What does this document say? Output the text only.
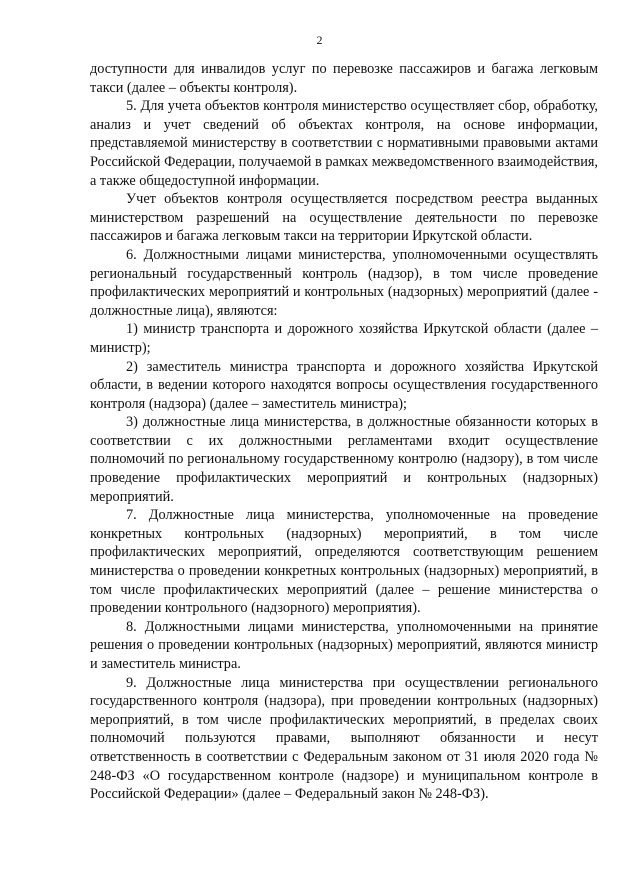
2

доступности для инвалидов услуг по перевозке пассажиров и багажа легковым такси (далее – объекты контроля).

5. Для учета объектов контроля министерство осуществляет сбор, обработку, анализ и учет сведений об объектах контроля, на основе информации, представляемой министерству в соответствии с нормативными правовыми актами Российской Федерации, получаемой в рамках межведомственного взаимодействия, а также общедоступной информации.

Учет объектов контроля осуществляется посредством реестра выданных министерством разрешений на осуществление деятельности по перевозке пассажиров и багажа легковым такси на территории Иркутской области.

6. Должностными лицами министерства, уполномоченными осуществлять региональный государственный контроль (надзор), в том числе проведение профилактических мероприятий и контрольных (надзорных) мероприятий (далее - должностные лица), являются:

1) министр транспорта и дорожного хозяйства Иркутской области (далее – министр);

2) заместитель министра транспорта и дорожного хозяйства Иркутской области, в ведении которого находятся вопросы осуществления государственного контроля (надзора) (далее – заместитель министра);

3) должностные лица министерства, в должностные обязанности которых в соответствии с их должностными регламентами входит осуществление полномочий по региональному государственному контролю (надзору), в том числе проведение профилактических мероприятий и контрольных (надзорных) мероприятий.

7. Должностные лица министерства, уполномоченные на проведение конкретных контрольных (надзорных) мероприятий, в том числе профилактических мероприятий, определяются соответствующим решением министерства о проведении конкретных контрольных (надзорных) мероприятий, в том числе профилактических мероприятий (далее – решение министерства о проведении контрольного (надзорного) мероприятия).

8. Должностными лицами министерства, уполномоченными на принятие решения о проведении контрольных (надзорных) мероприятий, являются министр и заместитель министра.

9. Должностные лица министерства при осуществлении регионального государственного контроля (надзора), при проведении контрольных (надзорных) мероприятий, в том числе профилактических мероприятий, в пределах своих полномочий пользуются правами, выполняют обязанности и несут ответственность в соответствии с Федеральным законом от 31 июля 2020 года № 248-ФЗ «О государственном контроле (надзоре) и муниципальном контроле в Российской Федерации» (далее – Федеральный закон № 248-ФЗ).
